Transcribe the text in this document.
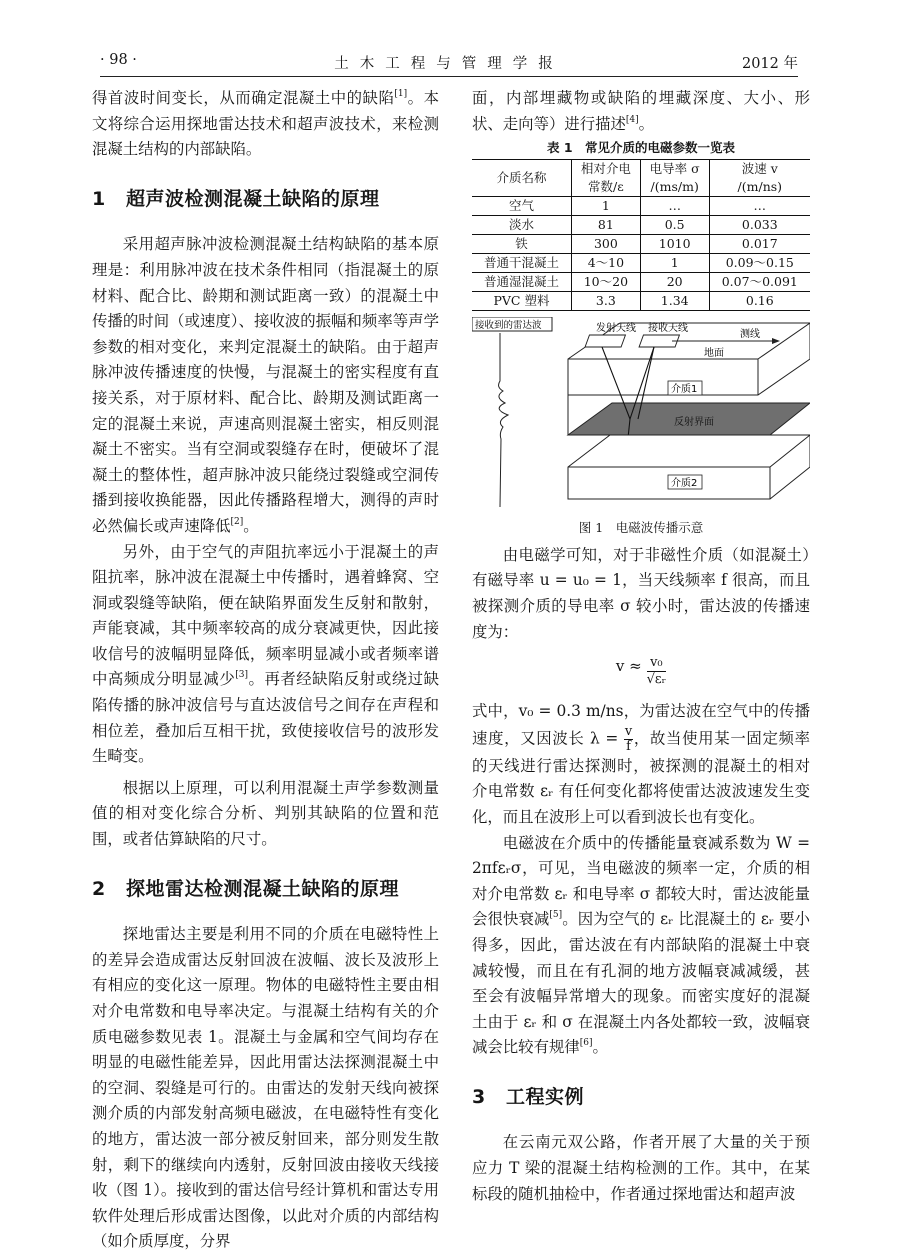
· 98 ·	土木工程与管理学报	2012 年

得首波时间变长，从而确定混凝土中的缺陷[1]。本文将综合运用探地雷达技术和超声波技术，来检测混凝土结构的内部缺陷。

1 超声波检测混凝土缺陷的原理

采用超声脉冲波检测混凝土结构缺陷的基本原理是：利用脉冲波在技术条件相同（指混凝土的原材料、配合比、龄期和测试距离一致）的混凝土中传播的时间（或速度）、接收波的振幅和频率等声学参数的相对变化，来判定混凝土的缺陷。由于超声脉冲波传播速度的快慢，与混凝土的密实程度有直接关系，对于原材料、配合比、龄期及测试距离一定的混凝土来说，声速高则混凝土密实，相反则混凝土不密实。当有空洞或裂缝存在时，便破坏了混凝土的整体性，超声脉冲波只能绕过裂缝或空洞传播到接收换能器，因此传播路程增大，测得的声时必然偏长或声速降低[2]。

另外，由于空气的声阻抗率远小于混凝土的声阻抗率，脉冲波在混凝土中传播时，遇着蜂窝、空洞或裂缝等缺陷，便在缺陷界面发生反射和散射，声能衰减，其中频率较高的成分衰减更快，因此接收信号的波幅明显降低，频率明显减小或者频率谱中高频成分明显减少[3]。再者经缺陷反射或绕过缺陷传播的脉冲波信号与直达波信号之间存在声程和相位差，叠加后互相干扰，致使接收信号的波形发生畸变。

根据以上原理，可以利用混凝土声学参数测量值的相对变化综合分析、判别其缺陷的位置和范围，或者估算缺陷的尺寸。

2 探地雷达检测混凝土缺陷的原理

探地雷达主要是利用不同的介质在电磁特性上的差异会造成雷达反射回波在波幅、波长及波形上有相应的变化这一原理。物体的电磁特性主要由相对介电常数和电导率决定。与混凝土结构有关的介质电磁参数见表 1。混凝土与金属和空气间均存在明显的电磁性能差异，因此用雷达法探测混凝土中的空洞、裂缝是可行的。由雷达的发射天线向被探测介质的内部发射高频电磁波，在电磁特性有变化的地方，雷达波一部分被反射回来，部分则发生散射，剩下的继续向内透射，反射回波由接收天线接收（图 1）。接收到的雷达信号经计算机和雷达专用软件处理后形成雷达图像，以此对介质的内部结构（如介质厚度，分界

面，内部埋藏物或缺陷的埋藏深度、大小、形状、走向等）进行描述[4]。

表 1　常见介质的电磁参数一览表
介质名称	相对介电	电导率 σ	波速 v
	常数/ε	/(ms/m)	/(m/ns)
空气	1	…	…
淡水	81	0.5	0.033
铁	300	1010	0.017
普通干混凝土	4～10	1	0.09～0.15
普通湿混凝土	10～20	20	0.07～0.091
PVC 塑料	3.3	1.34	0.16
接收到的雷达波	发射天线 接收天线
测线
地面
介质1
反射界面
介质2
图 1　电磁波传播示意

由电磁学可知，对于非磁性介质（如混凝土）有磁导率 u = u₀ = 1，当天线频率 f 很高，而且被探测介质的导电率 σ 较小时，雷达波的传播速度为：

$v \approx \frac{\text{v₀}}{\text{√εᵣ}}$

式中，v₀ = 0.3 m/ns，为雷达波在空气中的传播速度，又因波长 $\lambda = \frac{v}{f}$ ，故当使用某一固定频率的天线进行雷达探测时，被探测的混凝土的相对介电常数 εᵣ 有任何变化都将使雷达波波速发生变化，而且在波形上可以看到波长也有变化。

电磁波在介质中的传播能量衰减系数为 W = 2πfεᵣσ，可见，当电磁波的频率一定，介质的相对介电常数 εᵣ 和电导率 σ 都较大时，雷达波能量会很快衰减[5]。因为空气的 εᵣ 比混凝土的 εᵣ 要小得多，因此，雷达波在有内部缺陷的混凝土中衰减较慢，而且在有孔洞的地方波幅衰减减缓，甚至会有波幅异常增大的现象。而密实度好的混凝土由于 εᵣ 和 σ 在混凝土内各处都较一致，波幅衰减会比较有规律[6]。

3 工程实例

在云南元双公路，作者开展了大量的关于预应力 T 梁的混凝土结构检测的工作。其中，在某标段的随机抽检中，作者通过探地雷达和超声波
